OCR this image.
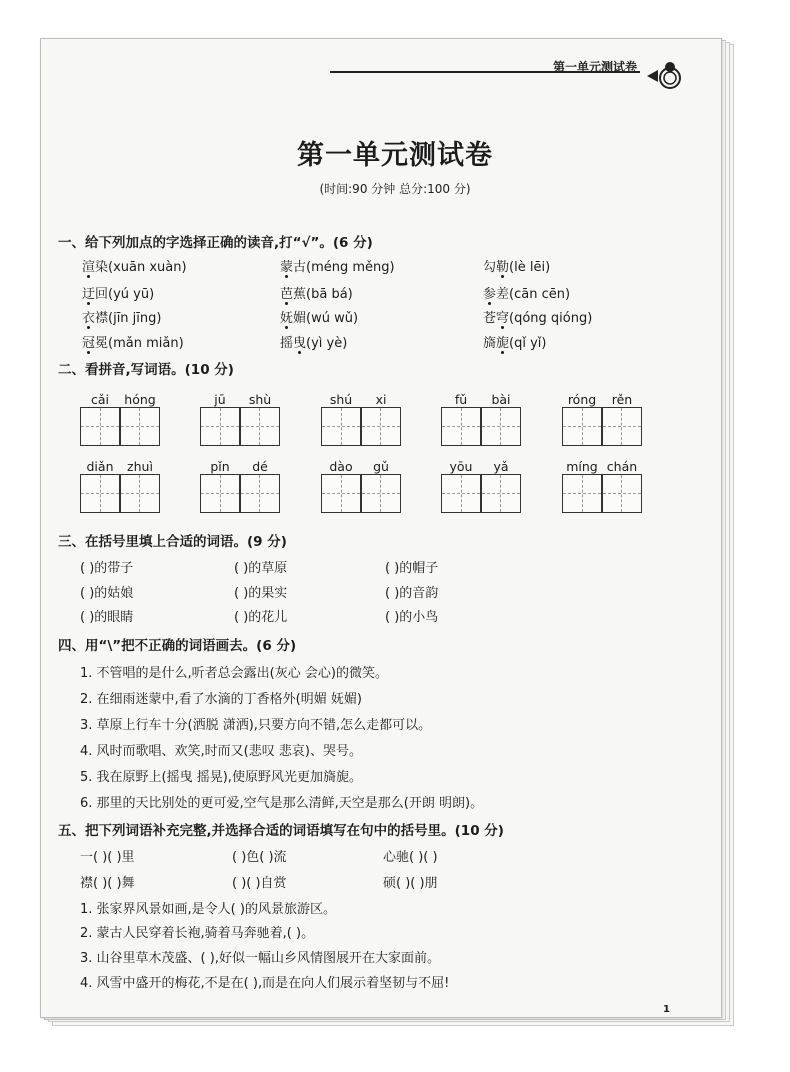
第一单元测试卷
第一单元测试卷
(时间:90 分钟 总分:100 分)
一、给下列加点的字选择正确的读音,打“√”。(6 分)
渲染(xuān xuàn)	蒙古(méng měng)	勾勒(lè lēi)
迂回(yú yū)	芭蕉(bā bá)	参差(cān cēn)
衣襟(jīn jīng)	妩媚(wú wǔ)	苍穹(qóng qióng)
冠冕(mǎn miǎn)	摇曳(yì yè)	旖旎(qǐ yǐ)
二、看拼音,写词语。(10 分)
cǎi	hóng	jū	shù	shú	xi	fǔ	bài	róng	rěn
diǎn	zhuì	pǐn	dé	dào	gǔ	yōu	yǎ	míng chán
三、在括号里填上合适的词语。(9 分)
( )的带子	( )的草原	( )的帽子
( )的姑娘	( )的果实	( )的音韵
( )的眼睛	( )的花儿	( )的小鸟
四、用“\”把不正确的词语画去。(6 分)
1. 不管唱的是什么,听者总会露出(灰心 会心)的微笑。
2. 在细雨迷蒙中,看了水滴的丁香格外(明媚 妩媚)
3. 草原上行车十分(洒脱 潇洒),只要方向不错,怎么走都可以。
4. 风时而歌唱、欢笑,时而又(悲叹 悲哀)、哭号。
5. 我在原野上(摇曳 摇晃),使原野风光更加旖旎。
6. 那里的天比别处的更可爱,空气是那么清鲜,天空是那么(开朗 明朗)。
五、把下列词语补充完整,并选择合适的词语填写在句中的括号里。(10 分)
一( )( )里	( )色( )流	心驰( )( )
襟( )( )舞	( )( )自赏	硕( )( )朋
1. 张家界风景如画,是令人( )的风景旅游区。
2. 蒙古人民穿着长袍,骑着马奔驰着,( )。
3. 山谷里草木茂盛、( ),好似一幅山乡风情图展开在大家面前。
4. 风雪中盛开的梅花,不是在( ),而是在向人们展示着坚韧与不屈!
1
